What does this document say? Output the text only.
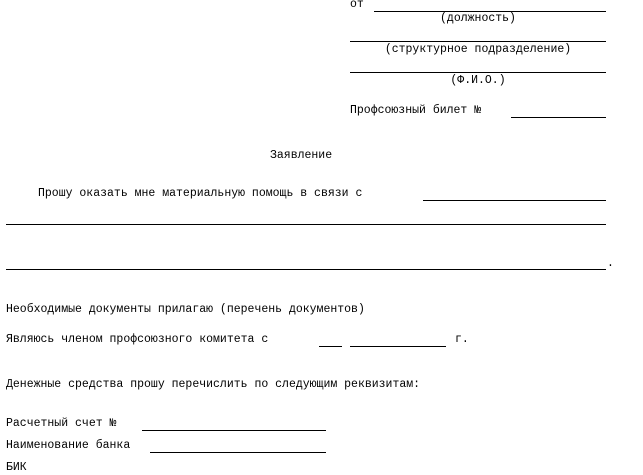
от
(должность)
(структурное подразделение)
(Ф.И.О.)
Профсоюзный билет №
Заявление
Прошу оказать мне материальную помощь в связи с
.
Необходимые документы прилагаю (перечень документов)
Являюсь членом профсоюзного комитета с	г.
Денежные средства прошу перечислить по следующим реквизитам:
Расчетный счет №
Наименование банка
БИК
